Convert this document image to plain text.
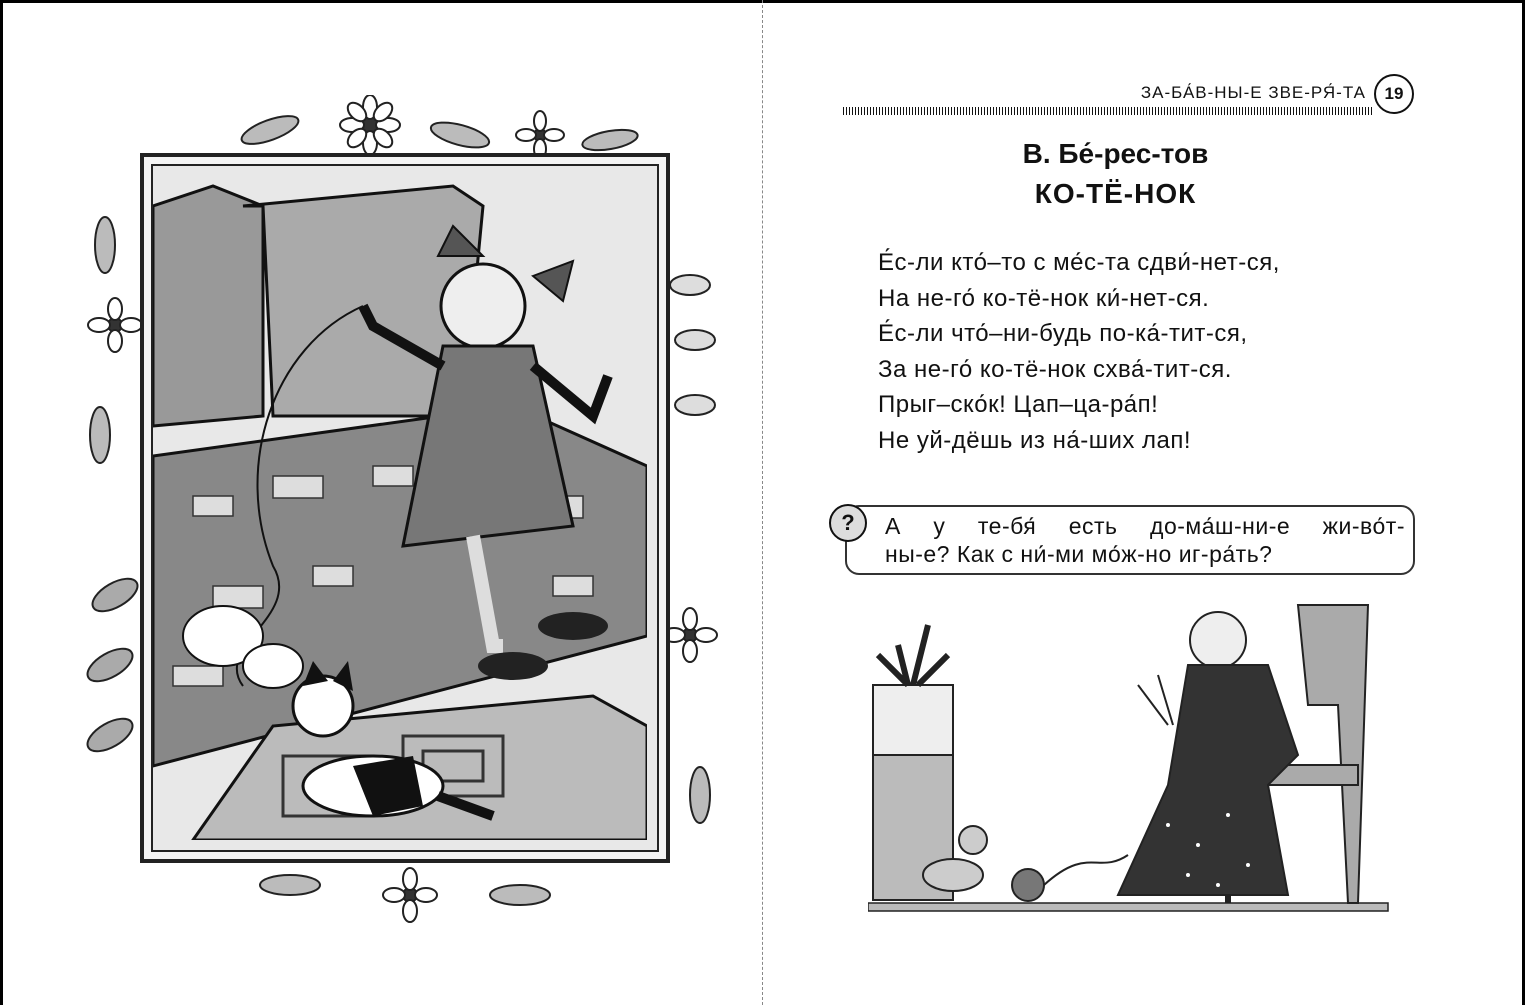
ЗА-БА́В-НЫ-Е ЗВЕ-РЯ́-ТА	19
В. Бе́-рес-тов
КО-ТЁ-НОК
Е́с-ли кто́–то с ме́с-та сдви́-нет-ся,
На не-го́ ко-тё-нок ки́-нет-ся.
Е́с-ли что́–ни-будь по-ка́-тит-ся,
За не-го́ ко-тё-нок схва́-тит-ся.
Прыг–ско́к! Цап–ца-ра́п!
Не уй-дёшь из на́-ших лап!
?	А у те-бя́ есть до-ма́ш-ни-е жи-во́т-
ны-е? Как с ни́-ми мо́ж-но иг-ра́ть?
